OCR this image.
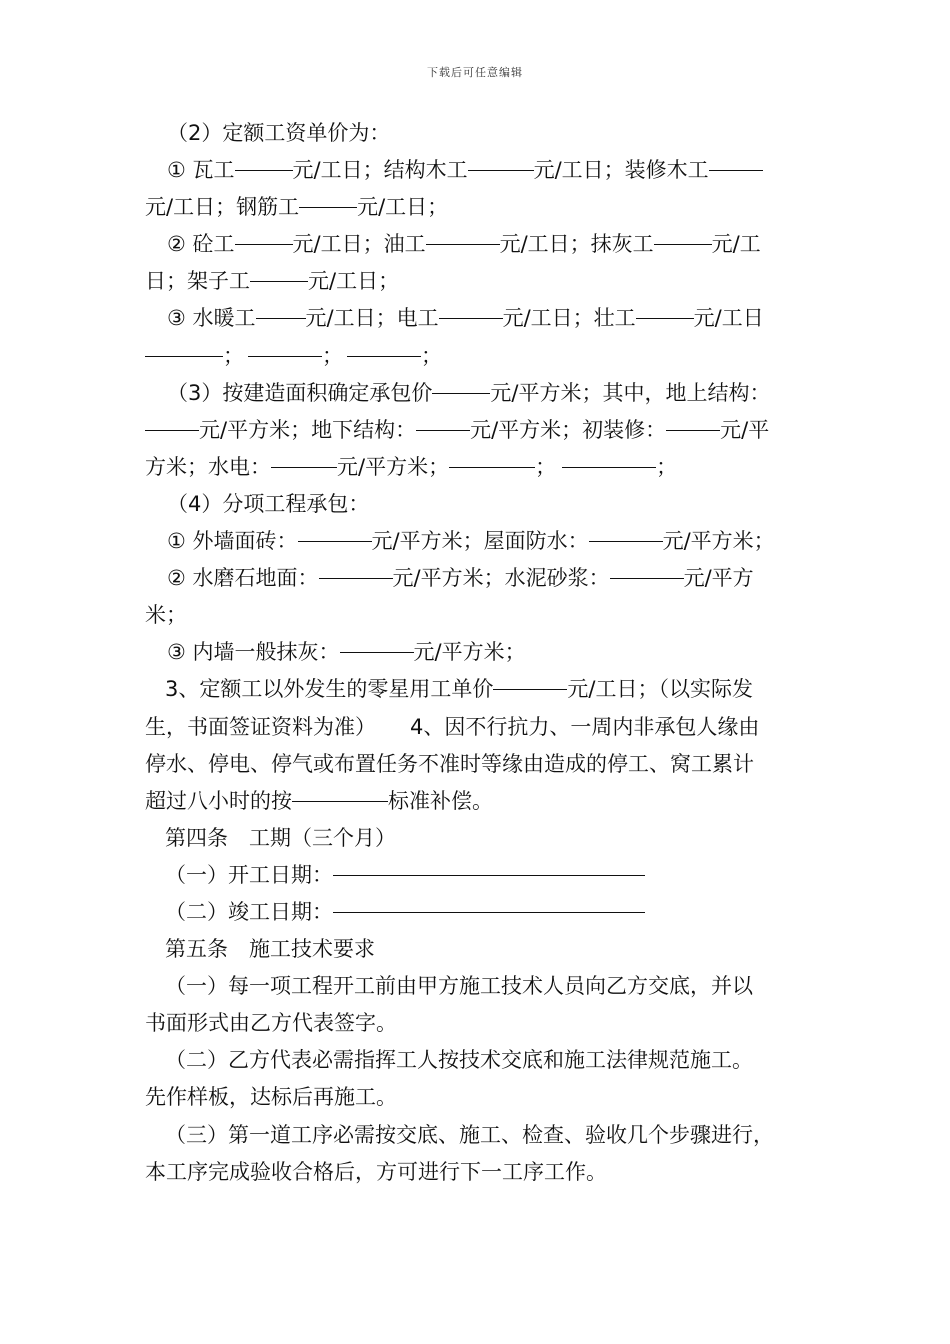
下载后可任意编辑
（2）定额工资单价为：
① 瓦工	元/工日；结构木工	元/工日；装修木工
元/工日；钢筋工	元/工日；
② 砼工	元/工日；油工	元/工日；抹灰工	元/工
日；架子工	元/工日；
③ 水暖工 元/工日；电工	元/工日；壮工	元/工日
；	；	；
（3）按建造面积确定承包价	元/平方米；其中，地上结构：
元/平方米；地下结构：	元/平方米；初装修：	元/平
方米；水电：	元/平方米；	；	；
（4）分项工程承包：
① 外墙面砖：	元/平方米；屋面防水：	元/平方米；
② 水磨石地面：	元/平方米；水泥砂浆：	元/平方
米；
③ 内墙一般抹灰：	元/平方米；
3、定额工以外发生的零星用工单价	元/工日；（以实际发
生，书面签证资料为准） 4、因不行抗力、一周内非承包人缘由
停水、停电、停气或布置任务不准时等缘由造成的停工、窝工累计
超过八小时的按	标准补偿。
第四条　工期（三个月）
（一）开工日期：
（二）竣工日期：
第五条　施工技术要求
（一）每一项工程开工前由甲方施工技术人员向乙方交底，并以
书面形式由乙方代表签字。
（二）乙方代表必需指挥工人按技术交底和施工法律规范施工。
先作样板，达标后再施工。
（三）第一道工序必需按交底、施工、检查、验收几个步骤进行，
本工序完成验收合格后，方可进行下一工序工作。
